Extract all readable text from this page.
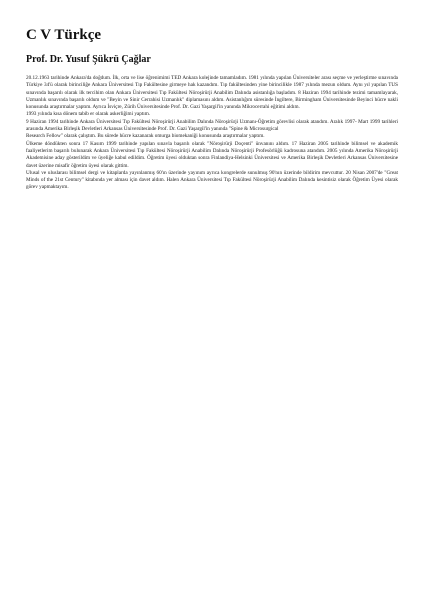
C V Türkçe
Prof. Dr. Yusuf Şükrü Çağlar

20.12.1963 tarihinde Ankara'da doğdum. İlk, orta ve lise öğrenimimi TED Ankara kolejinde tamamladım. 1981 yılında yapılan Üniversiteler arası seçme ve yerleştirme sınavında Türkiye 34'ü olarak birinciliğe Ankara Üniversitesi Tıp Fakültesine girmeye hak kazandım. Tıp fakültesinden yine birincilikle 1987 yılında mezun oldum. Aynı yıl yapılan TUS sınavında başarılı olarak ilk tercihim olan Ankara Üniversitesi Tıp Fakültesi Nöroşirürji Anabilim Dalında asistanlığa başladım. 8 Haziran 1994 tarihinde tezimi tamamlayarak, Uzmanlık sınavında başarılı oldum ve "Beyin ve Sinir Cerrahisi Uzmanlık" diplamasını aldım. Asistanlığım süresinde İngiltere, Birmingham Üniversitesinde Beyinci hücre nakli konusunda araştırmalar yaptım. Ayrıca İsviçre, Zürih Üniversitesinde Prof. Dr. Gazi Yaşargil'in yanında Mikrocerrahi eğitimi aldım.

1993 yılında kısa dönem tabib er olarak askerliğimi yaptım.

9 Haziran 1994 tarihinde Ankara Üniversitesi Tıp Fakültesi Nöroşirürji Anabilim Dalında Nöroşirürji Uzmanı-Öğretim görevlisi olarak atandım. Aralık 1997- Mart 1999 tarihleri arasında Amerika Birleşik Devletleri Arkansas Üniversitesinde Prof. Dr. Gazi Yaşargil'in yanında "Spine & Microsurgical

Research Fellow" olarak çalıştım. Bu sürede hücre kazanarak omurga biomekaniği konusunda araştırmalar yaptım.

Ülkeme döndükten sonra 17 Kasım 1999 tarihinde yapılan sınavla başarılı olarak "Nöroşirürji Doçenti" ünvanını aldım. 17 Haziran 2005 tarihinde bilimsel ve akademik faaliyetlerim başarılı bulunarak Ankara Üniversitesi Tıp Fakültesi Nöroşirürji Anabilim Dalında Nöroşirürji Profesörlüğü kadrosuna atandım. 2005 yılında Amerika Nöroşirürji Akademisine aday gösterildim ve üyeliğe kabul edildim. Öğretim üyesi olduktan sonra Finlandiya-Helsinki Üniversitesi ve Amerika Birleşik Devletleri Arkansas Üniversitesine davet üzerine misafir öğretim üyesi olarak gittim.

Ulusal ve uluslarası bilimsel dergi ve kitaplarda yayınlanmış 60'ın üzerinde yayınım ayrıca kongrelerde sunulmuş 90'nın üzerinde bildirim mevcuttur. 20 Nisan 2007'de "Great Minds of the 21st Century" kitabında yer alması için davet aldım. Halen Ankara Üniversitesi Tıp Fakültesi Nöroşirürji Anabilim Dalında kesintisiz olarak Öğretim Üyesi olarak görev yapmaktayım.
